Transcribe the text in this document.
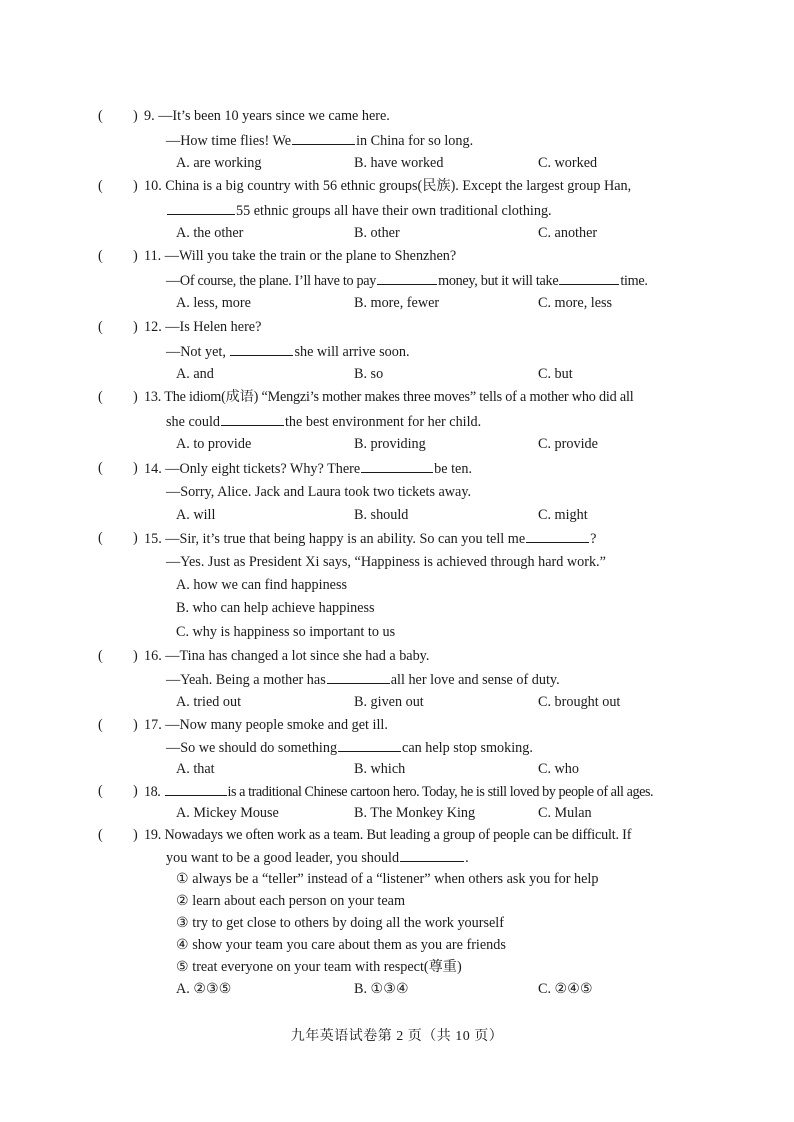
( ) 9. —It’s been 10 years since we came here.
—How time flies! We	in China for so long.
A. are working	B. have worked	C. worked
( ) 10. China is a big country with 56 ethnic groups(民族). Except the largest group Han,
55 ethnic groups all have their own traditional clothing.
A. the other	B. other	C. another
( ) 11. —Will you take the train or the plane to Shenzhen?
—Of course, the plane. I’ll have to pay	money, but it will take	time.
A. less, more	B. more, fewer	C. more, less
( ) 12. —Is Helen here?
—Not yet,	she will arrive soon.
A. and	B. so	C. but
( ) 13. The idiom(成语) “Mengzi’s mother makes three moves” tells of a mother who did all
she could	the best environment for her child.
A. to provide	B. providing	C. provide
( ) 14. —Only eight tickets? Why? There	be ten.
—Sorry, Alice. Jack and Laura took two tickets away.
A. will	B. should	C. might
( ) 15. —Sir, it’s true that being happy is an ability. So can you tell me	?
—Yes. Just as President Xi says, “Happiness is achieved through hard work.”
A. how we can find happiness
B. who can help achieve happiness
C. why is happiness so important to us
( ) 16. —Tina has changed a lot since she had a baby.
—Yeah. Being a mother has	all her love and sense of duty.
A. tried out	B. given out	C. brought out
( ) 17. —Now many people smoke and get ill.
—So we should do something	can help stop smoking.
A. that	B. which	C. who
( ) 18.	is a traditional Chinese cartoon hero. Today, he is still loved by people of all ages.
A. Mickey Mouse	B. The Monkey King	C. Mulan
( ) 19. Nowadays we often work as a team. But leading a group of people can be difficult. If
you want to be a good leader, you should	.
① always be a “teller” instead of a “listener” when others ask you for help
② learn about each person on your team
③ try to get close to others by doing all the work yourself
④ show your team you care about them as you are friends
⑤ treat everyone on your team with respect(尊重)
A. ②③⑤	B. ①③④	C. ②④⑤
九年英语试卷第 2 页（共 10 页）
